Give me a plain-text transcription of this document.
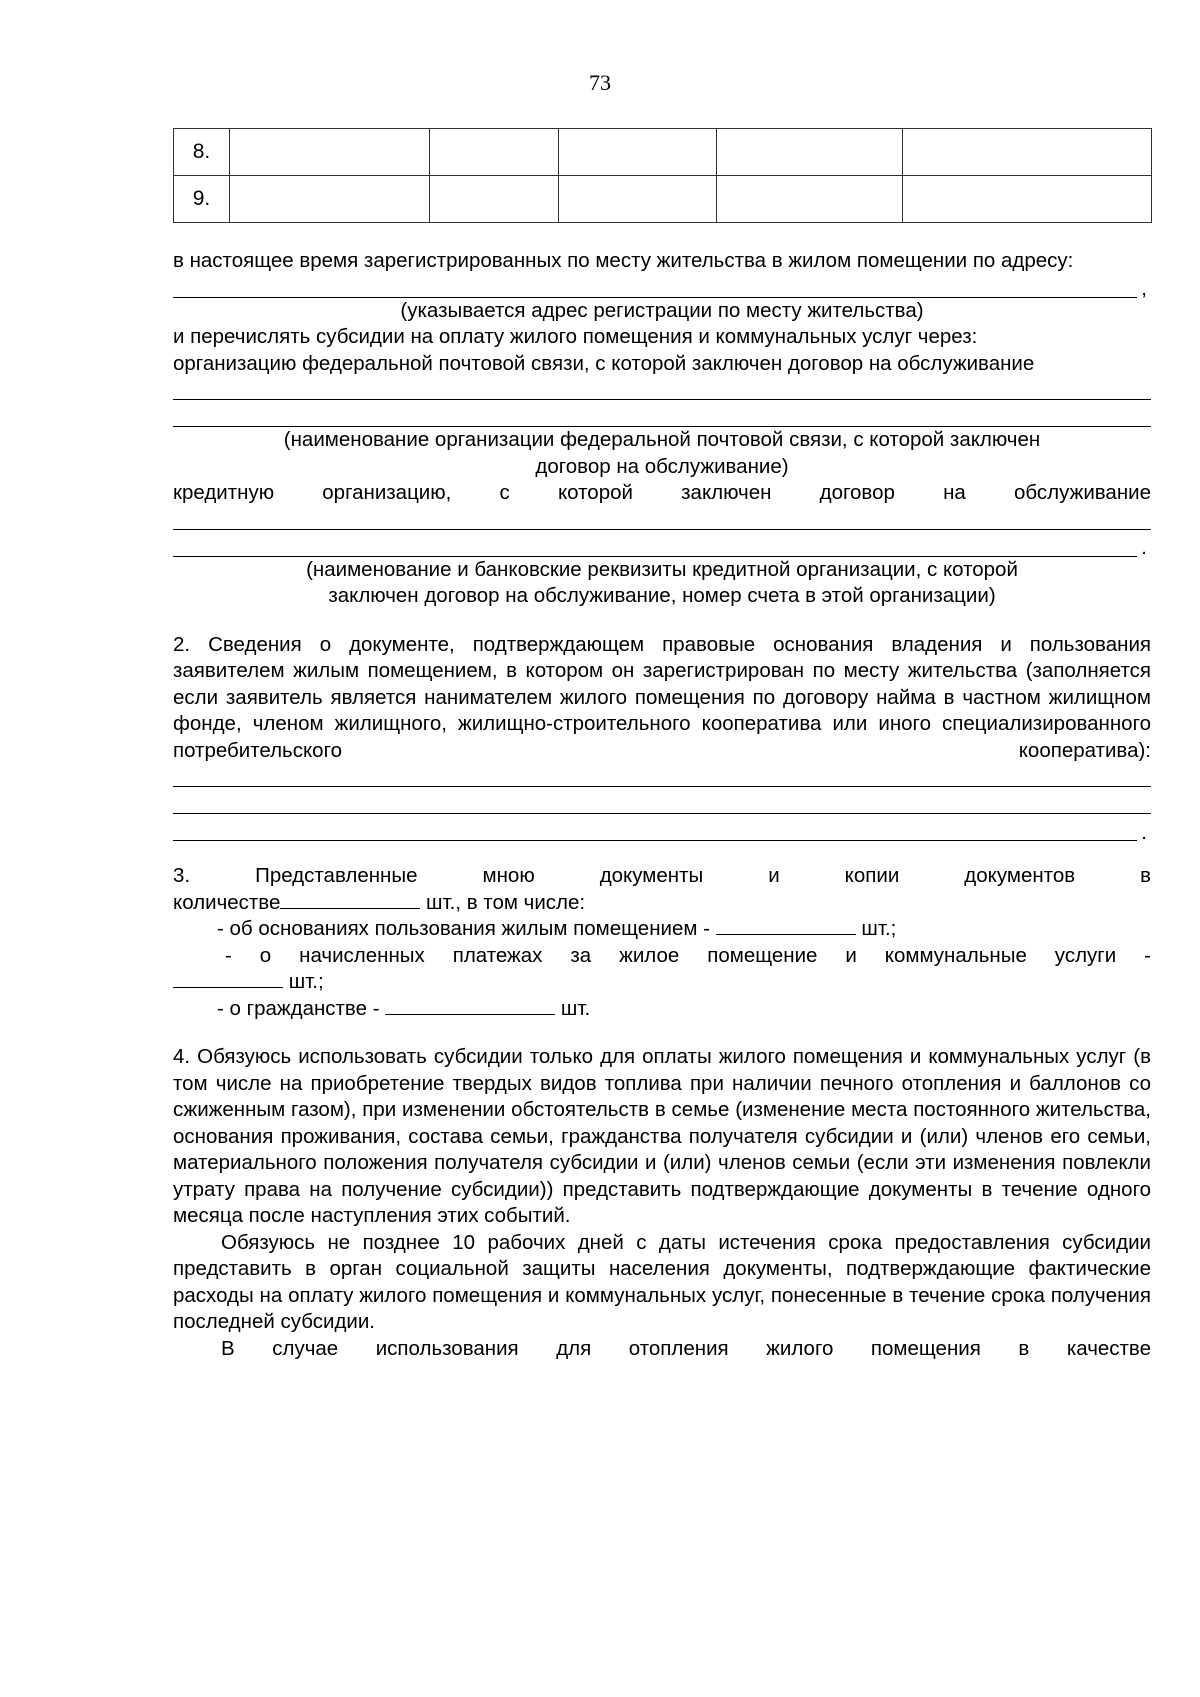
73
8.					
9.					

в настоящее время зарегистрированных по месту жительства в жилом помещении по адресу:

,

(указывается адрес регистрации по месту жительства)

и перечислять субсидии на оплату жилого помещения и коммунальных услуг через:

организацию федеральной почтовой связи, с которой заключен договор на обслуживание

(наименование организации федеральной почтовой связи, с которой заключен

договор на обслуживание)

кредитную организацию, с которой заключен договор на обслуживание

.

(наименование и банковские реквизиты кредитной организации, с которой

заключен договор на обслуживание, номер счета в этой организации)

2. Сведения о документе, подтверждающем правовые основания владения и пользования заявителем жилым помещением, в котором он зарегистрирован по месту жительства (заполняется если заявитель является нанимателем жилого помещения по договору найма в частном жилищном фонде, членом жилищного, жилищно-строительного кооператива или иного специализированного потребительского кооператива):

.

3. Представленные мною документы и копии документов в

количестве	шт., в том числе:

- об основаниях пользования жилым помещением -	шт.;

- о начисленных платежах за жилое помещение и коммунальные услуги -

шт.;

- о гражданстве -	шт.

4. Обязуюсь использовать субсидии только для оплаты жилого помещения и коммунальных услуг (в том числе на приобретение твердых видов топлива при наличии печного отопления и баллонов со сжиженным газом), при изменении обстоятельств в семье (изменение места постоянного жительства, основания проживания, состава семьи, гражданства получателя субсидии и (или) членов его семьи, материального положения получателя субсидии и (или) членов семьи (если эти изменения повлекли утрату права на получение субсидии)) представить подтверждающие документы в течение одного месяца после наступления этих событий.

Обязуюсь не позднее 10 рабочих дней с даты истечения срока предоставления субсидии представить в орган социальной защиты населения документы, подтверждающие фактические расходы на оплату жилого помещения и коммунальных услуг, понесенные в течение срока получения последней субсидии.

В случае использования для отопления жилого помещения в качестве
